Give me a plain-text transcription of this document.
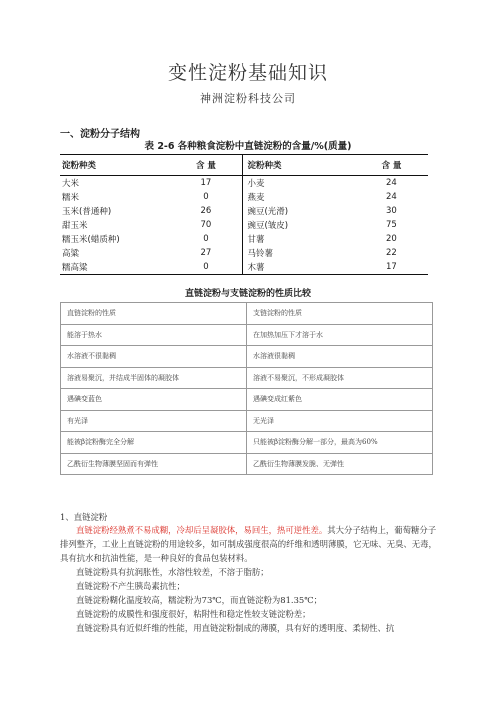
变性淀粉基础知识
神洲淀粉科技公司
一、淀粉分子结构
表 2-6 各种粮食淀粉中直链淀粉的含量/%(质量)
淀粉种类	含 量	淀粉种类	含 量
大米	17	小麦	24
糯米	0	燕麦	24
玉米(普通种)	26	豌豆(光滑)	30
甜玉米	70	豌豆(皱皮)	75
糯玉米(蜡质种)	0	甘薯	20
高粱	27	马铃薯	22
糯高粱	0	木薯	17
直链淀粉与支链淀粉的性质比较
直链淀粉的性质	支链淀粉的性质
能溶于热水	在加热加压下才溶于水
水溶液不很黏稠	水溶液很黏稠
溶液易聚沉，并结成半固体的凝胶体	溶液不易聚沉，不形成凝胶体
遇碘变蓝色	遇碘变成红紫色
有光泽	无光泽
能被β淀粉酶完全分解	只能被β淀粉酶分解一部分，最高为60%
乙酰衍生物薄膜坚固而有弹性	乙酰衍生物薄膜发脆、无弹性
1、直链淀粉
直链淀粉经熟煮不易成糊，冷却后呈凝胶体，易回生，热可逆性差。其大分子结构上，葡萄糖分子排列整齐，工业上直链淀粉的用途较多，如可制成强度很高的纤维和透明薄膜，它无味、无臭、无毒，具有抗水和抗油性能，是一种良好的食品包装材料。
直链淀粉具有抗润胀性，水溶性较差，不溶于脂肪；
直链淀粉不产生胰岛素抗性；
直链淀粉糊化温度较高，糯淀粉为73℃，而直链淀粉为81.35℃；
直链淀粉的成膜性和强度很好，粘附性和稳定性较支链淀粉差；
直链淀粉具有近似纤维的性能，用直链淀粉制成的薄膜，具有好的透明度、柔韧性、抗
